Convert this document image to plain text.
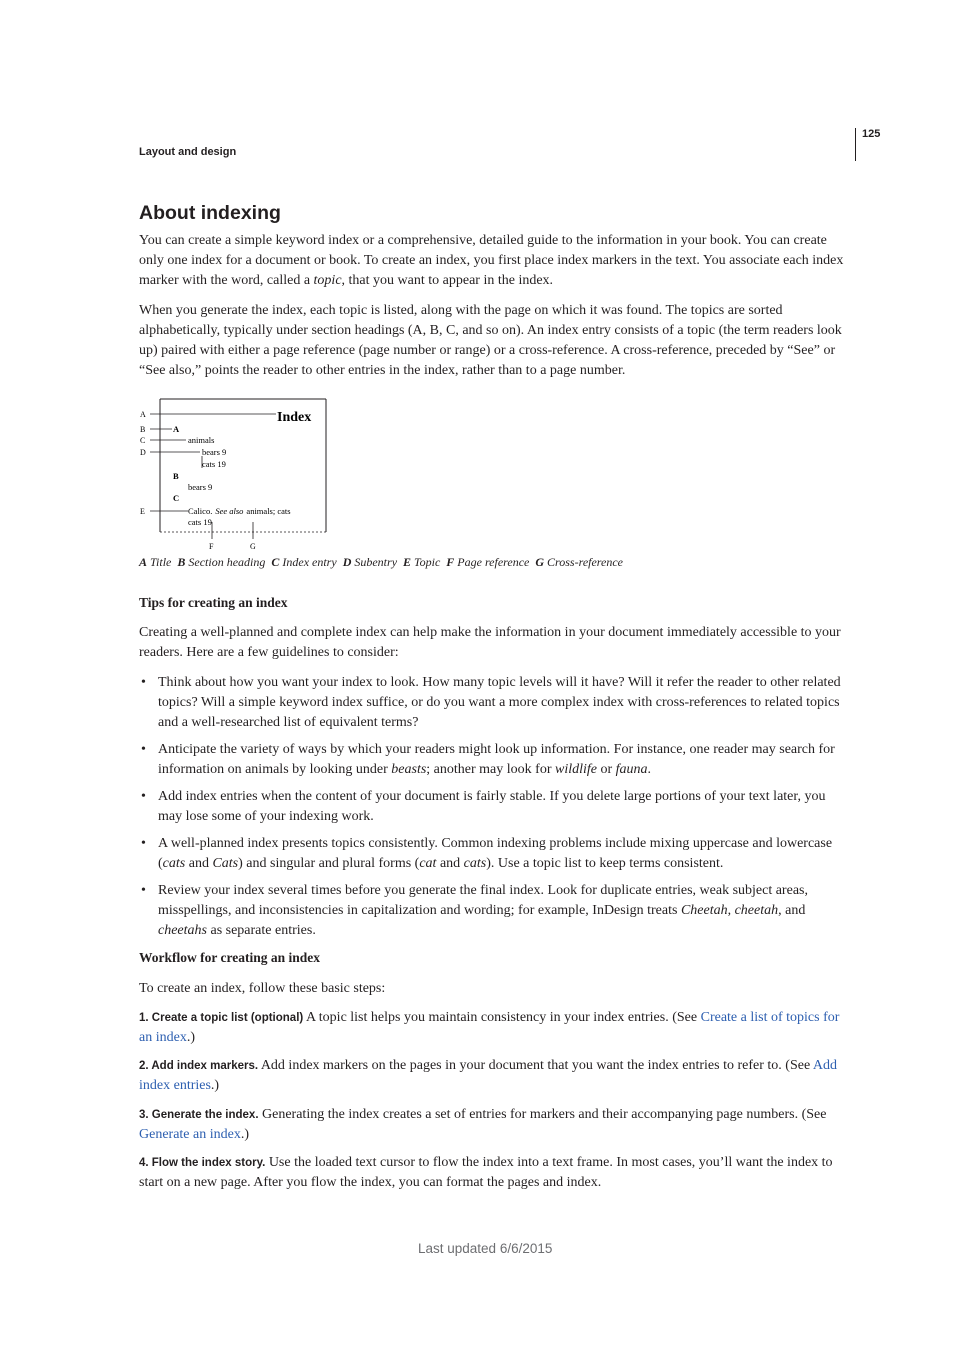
Layout and design
125
About indexing

You can create a simple keyword index or a comprehensive, detailed guide to the information in your book. You can create only one index for a document or book. To create an index, you first place index markers in the text. You associate each index marker with the word, called a topic, that you want to appear in the index.

When you generate the index, each topic is listed, along with the page on which it was found. The topics are sorted alphabetically, typically under section headings (A, B, C, and so on). An index entry consists of a topic (the term readers look up) paired with either a page reference (page number or range) or a cross-reference. A cross-reference, preceded by “See” or “See also,” points the reader to other entries in the index, rather than to a page number.

A
B
C
D
E
F	G
Index
A
animals
bears 9
cats 19
B
bears 9
C
Calico. See also animals; cats
cats 19
A Title B Section heading C Index entry D Subentry E Topic F Page reference G Cross-reference
Tips for creating an index

Creating a well-planned and complete index can help make the information in your document immediately accessible to your readers. Here are a few guidelines to consider:

• Think about how you want your index to look. How many topic levels will it have? Will it refer the reader to other related topics? Will a simple keyword index suffice, or do you want a more complex index with cross-references to related topics and a well-researched list of equivalent terms?
• Anticipate the variety of ways by which your readers might look up information. For instance, one reader may search for information on animals by looking under beasts; another may look for wildlife or fauna.
• Add index entries when the content of your document is fairly stable. If you delete large portions of your text later, you may lose some of your indexing work.
• A well-planned index presents topics consistently. Common indexing problems include mixing uppercase and lowercase (cats and Cats) and singular and plural forms (cat and cats). Use a topic list to keep terms consistent.
• Review your index several times before you generate the final index. Look for duplicate entries, weak subject areas, misspellings, and inconsistencies in capitalization and wording; for example, InDesign treats Cheetah, cheetah, and cheetahs as separate entries.
Workflow for creating an index

To create an index, follow these basic steps:

1. Create a topic list (optional) A topic list helps you maintain consistency in your index entries. (See Create a list of topics for an index.)

2. Add index markers. Add index markers on the pages in your document that you want the index entries to refer to. (See Add index entries.)

3. Generate the index. Generating the index creates a set of entries for markers and their accompanying page numbers. (See Generate an index.)

4. Flow the index story. Use the loaded text cursor to flow the index into a text frame. In most cases, you’ll want the index to start on a new page. After you flow the index, you can format the pages and index.

Last updated 6/6/2015
